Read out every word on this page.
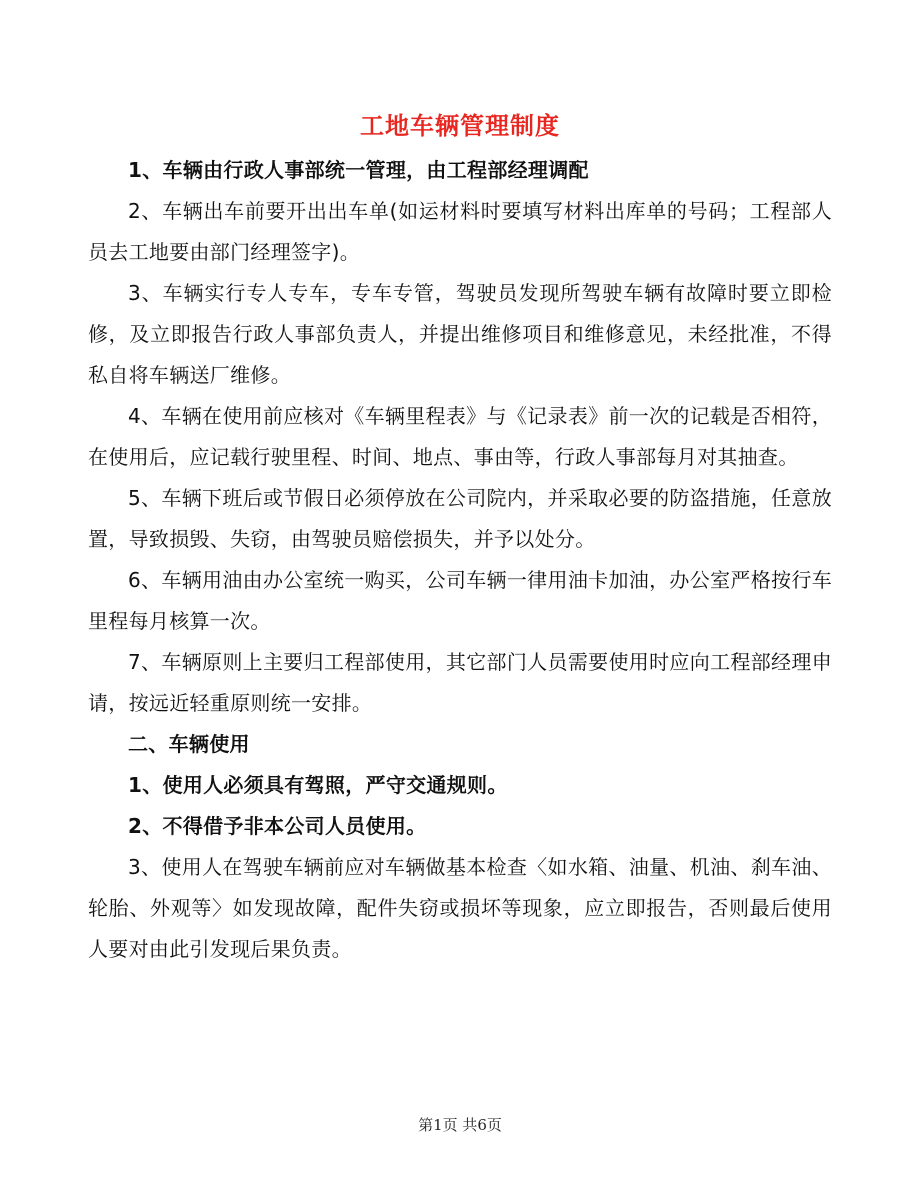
工地车辆管理制度

1、车辆由行政人事部统一管理，由工程部经理调配

2、车辆出车前要开出出车单(如运材料时要填写材料出库单的号码；工程部人员去工地要由部门经理签字)。

3、车辆实行专人专车，专车专管，驾驶员发现所驾驶车辆有故障时要立即检修，及立即报告行政人事部负责人，并提出维修项目和维修意见，未经批准，不得私自将车辆送厂维修。

4、车辆在使用前应核对《车辆里程表》与《记录表》前一次的记载是否相符，在使用后，应记载行驶里程、时间、地点、事由等，行政人事部每月对其抽查。

5、车辆下班后或节假日必须停放在公司院内，并采取必要的防盗措施，任意放置，导致损毁、失窃，由驾驶员赔偿损失，并予以处分。

6、车辆用油由办公室统一购买，公司车辆一律用油卡加油，办公室严格按行车里程每月核算一次。

7、车辆原则上主要归工程部使用，其它部门人员需要使用时应向工程部经理申请，按远近轻重原则统一安排。

二、车辆使用

1、使用人必须具有驾照，严守交通规则。

2、不得借予非本公司人员使用。

3、使用人在驾驶车辆前应对车辆做基本检查〈如水箱、油量、机油、刹车油、轮胎、外观等〉如发现故障，配件失窃或损坏等现象，应立即报告，否则最后使用人要对由此引发现后果负责。

第1页 共6页
